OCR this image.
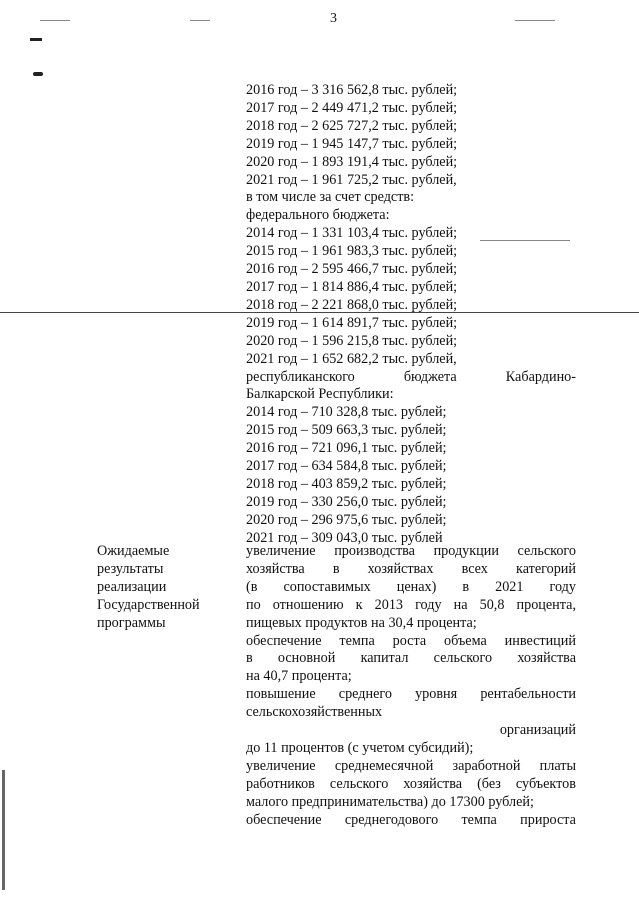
3
2016 год – 3 316 562,8 тыс. рублей;
2017 год – 2 449 471,2 тыс. рублей;
2018 год – 2 625 727,2 тыс. рублей;
2019 год – 1 945 147,7 тыс. рублей;
2020 год – 1 893 191,4 тыс. рублей;
2021 год – 1 961 725,2 тыс. рублей,
в том числе за счет средств:
федерального бюджета:
2014 год – 1 331 103,4 тыс. рублей;
2015 год – 1 961 983,3 тыс. рублей;
2016 год – 2 595 466,7 тыс. рублей;
2017 год – 1 814 886,4 тыс. рублей;
2018 год – 2 221 868,0 тыс. рублей;
2019 год – 1 614 891,7 тыс. рублей;
2020 год – 1 596 215,8 тыс. рублей;
2021 год – 1 652 682,2 тыс. рублей,
республиканского	бюджета	Кабардино-
Балкарской Республики:
2014 год – 710 328,8 тыс. рублей;
2015 год – 509 663,3 тыс. рублей;
2016 год – 721 096,1 тыс. рублей;
2017 год – 634 584,8 тыс. рублей;
2018 год – 403 859,2 тыс. рублей;
2019 год – 330 256,0 тыс. рублей;
2020 год – 296 975,6 тыс. рублей;
2021 год – 309 043,0 тыс. рублей
Ожидаемые
результаты
реализации
Государственной
программы
увеличение производства продукции сельского
хозяйства в хозяйствах всех категорий
(в сопоставимых ценах) в 2021 году
по отношению к 2013 году на 50,8 процента,
пищевых продуктов на 30,4 процента;
обеспечение темпа роста объема инвестиций
в основной капитал сельского хозяйства
на 40,7 процента;
повышение среднего уровня рентабельности
сельскохозяйственных
организаций
до 11 процентов (с учетом субсидий);
увеличение среднемесячной заработной платы
работников сельского хозяйства (без субъектов
малого предпринимательства) до 17300 рублей;
обеспечение среднегодового темпа прироста
